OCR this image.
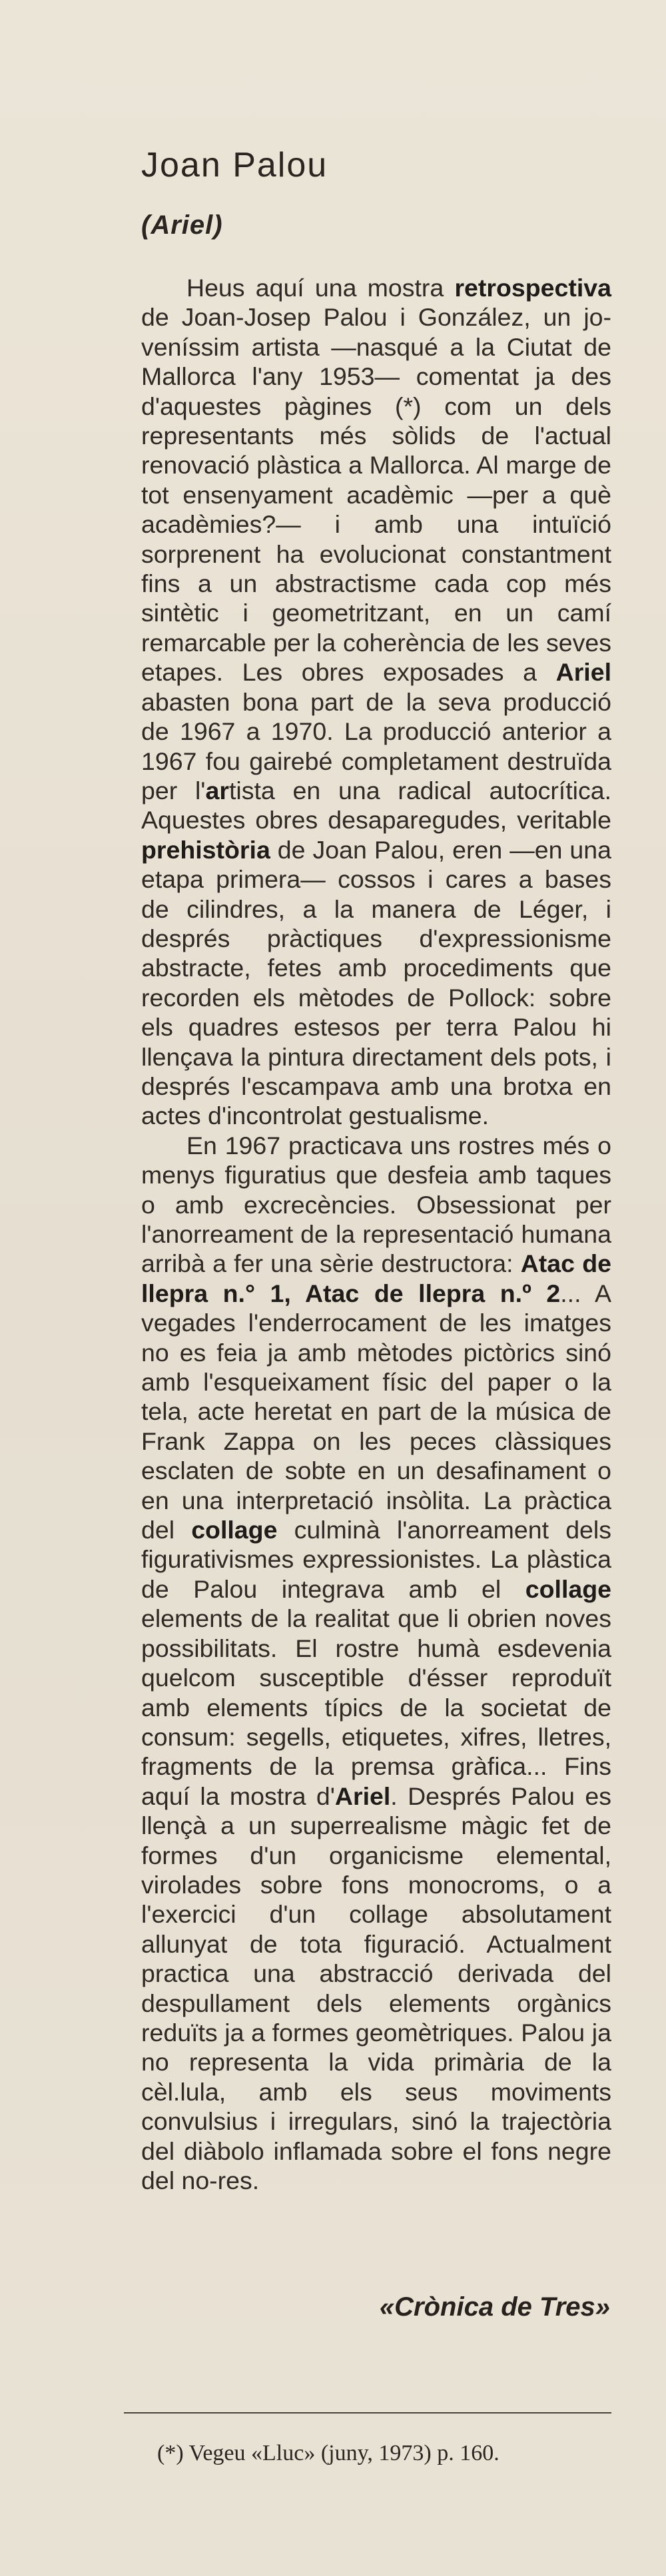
Joan Palou
(Ariel)

Heus aquí una mostra retrospectiva de Joan-Josep Palou i González, un joveníssim artista —nasqué a la Ciutat de Mallorca l'any 1953— comentat ja des d'aquestes pàgines (*) com un dels representants més sòlids de l'actual renovació plàstica a Mallorca. Al marge de tot ensenyament acadèmic —per a què acadèmies?— i amb una intuïció sorprenent ha evolucionat constantment fins a un abstractisme cada cop més sintètic i geometritzant, en un camí remarcable per la coherència de les seves etapes. Les obres exposades a Ariel abasten bona part de la seva producció de 1967 a 1970. La producció anterior a 1967 fou gairebé completament destruïda per l'artista en una radical autocrítica. Aquestes obres desaparegudes, veritable prehistòria de Joan Palou, eren —en una etapa primera— cossos i cares a bases de cilindres, a la manera de Léger, i després pràctiques d'expressionisme abstracte, fetes amb procediments que recorden els mètodes de Pollock: sobre els quadres estesos per terra Palou hi llençava la pintura directament dels pots, i després l'escampava amb una brotxa en actes d'incontrolat gestualisme.

En 1967 practicava uns rostres més o menys figuratius que desfeia amb taques o amb excrecències. Obsessionat per l'anorreament de la representació humana arribà a fer una sèrie destructora: Atac de llepra n.° 1, Atac de llepra n.º 2... A vegades l'enderrocament de les imatges no es feia ja amb mètodes pictòrics sinó amb l'esqueixament físic del paper o la tela, acte heretat en part de la música de Frank Zappa on les peces clàssiques esclaten de sobte en un desafinament o en una interpretació insòlita. La pràctica del collage culminà l'anorreament dels figurativismes expressionistes. La plàstica de Palou integrava amb el collage elements de la realitat que li obrien noves possibilitats. El rostre humà esdevenia quelcom susceptible d'ésser reproduït amb elements típics de la societat de consum: segells, etiquetes, xifres, lletres, fragments de la premsa gràfica... Fins aquí la mostra d'Ariel. Després Palou es llençà a un superrealisme màgic fet de formes d'un organicisme elemental, virolades sobre fons monocroms, o a l'exercici d'un collage absolutаment allunyat de tota figuració. Actualment practica una abstracció derivada del despullament dels elements orgànics reduïts ja a formes geomètriques. Palou ja no representa la vida primària de la cèl.lula, amb els seus moviments convulsius i irregulars, sinó la trajectòria del diàbolo inflamada sobre el fons negre del no-res.

«Crònica de Tres»

(*) Vegeu «Lluc» (juny, 1973) p. 160.
